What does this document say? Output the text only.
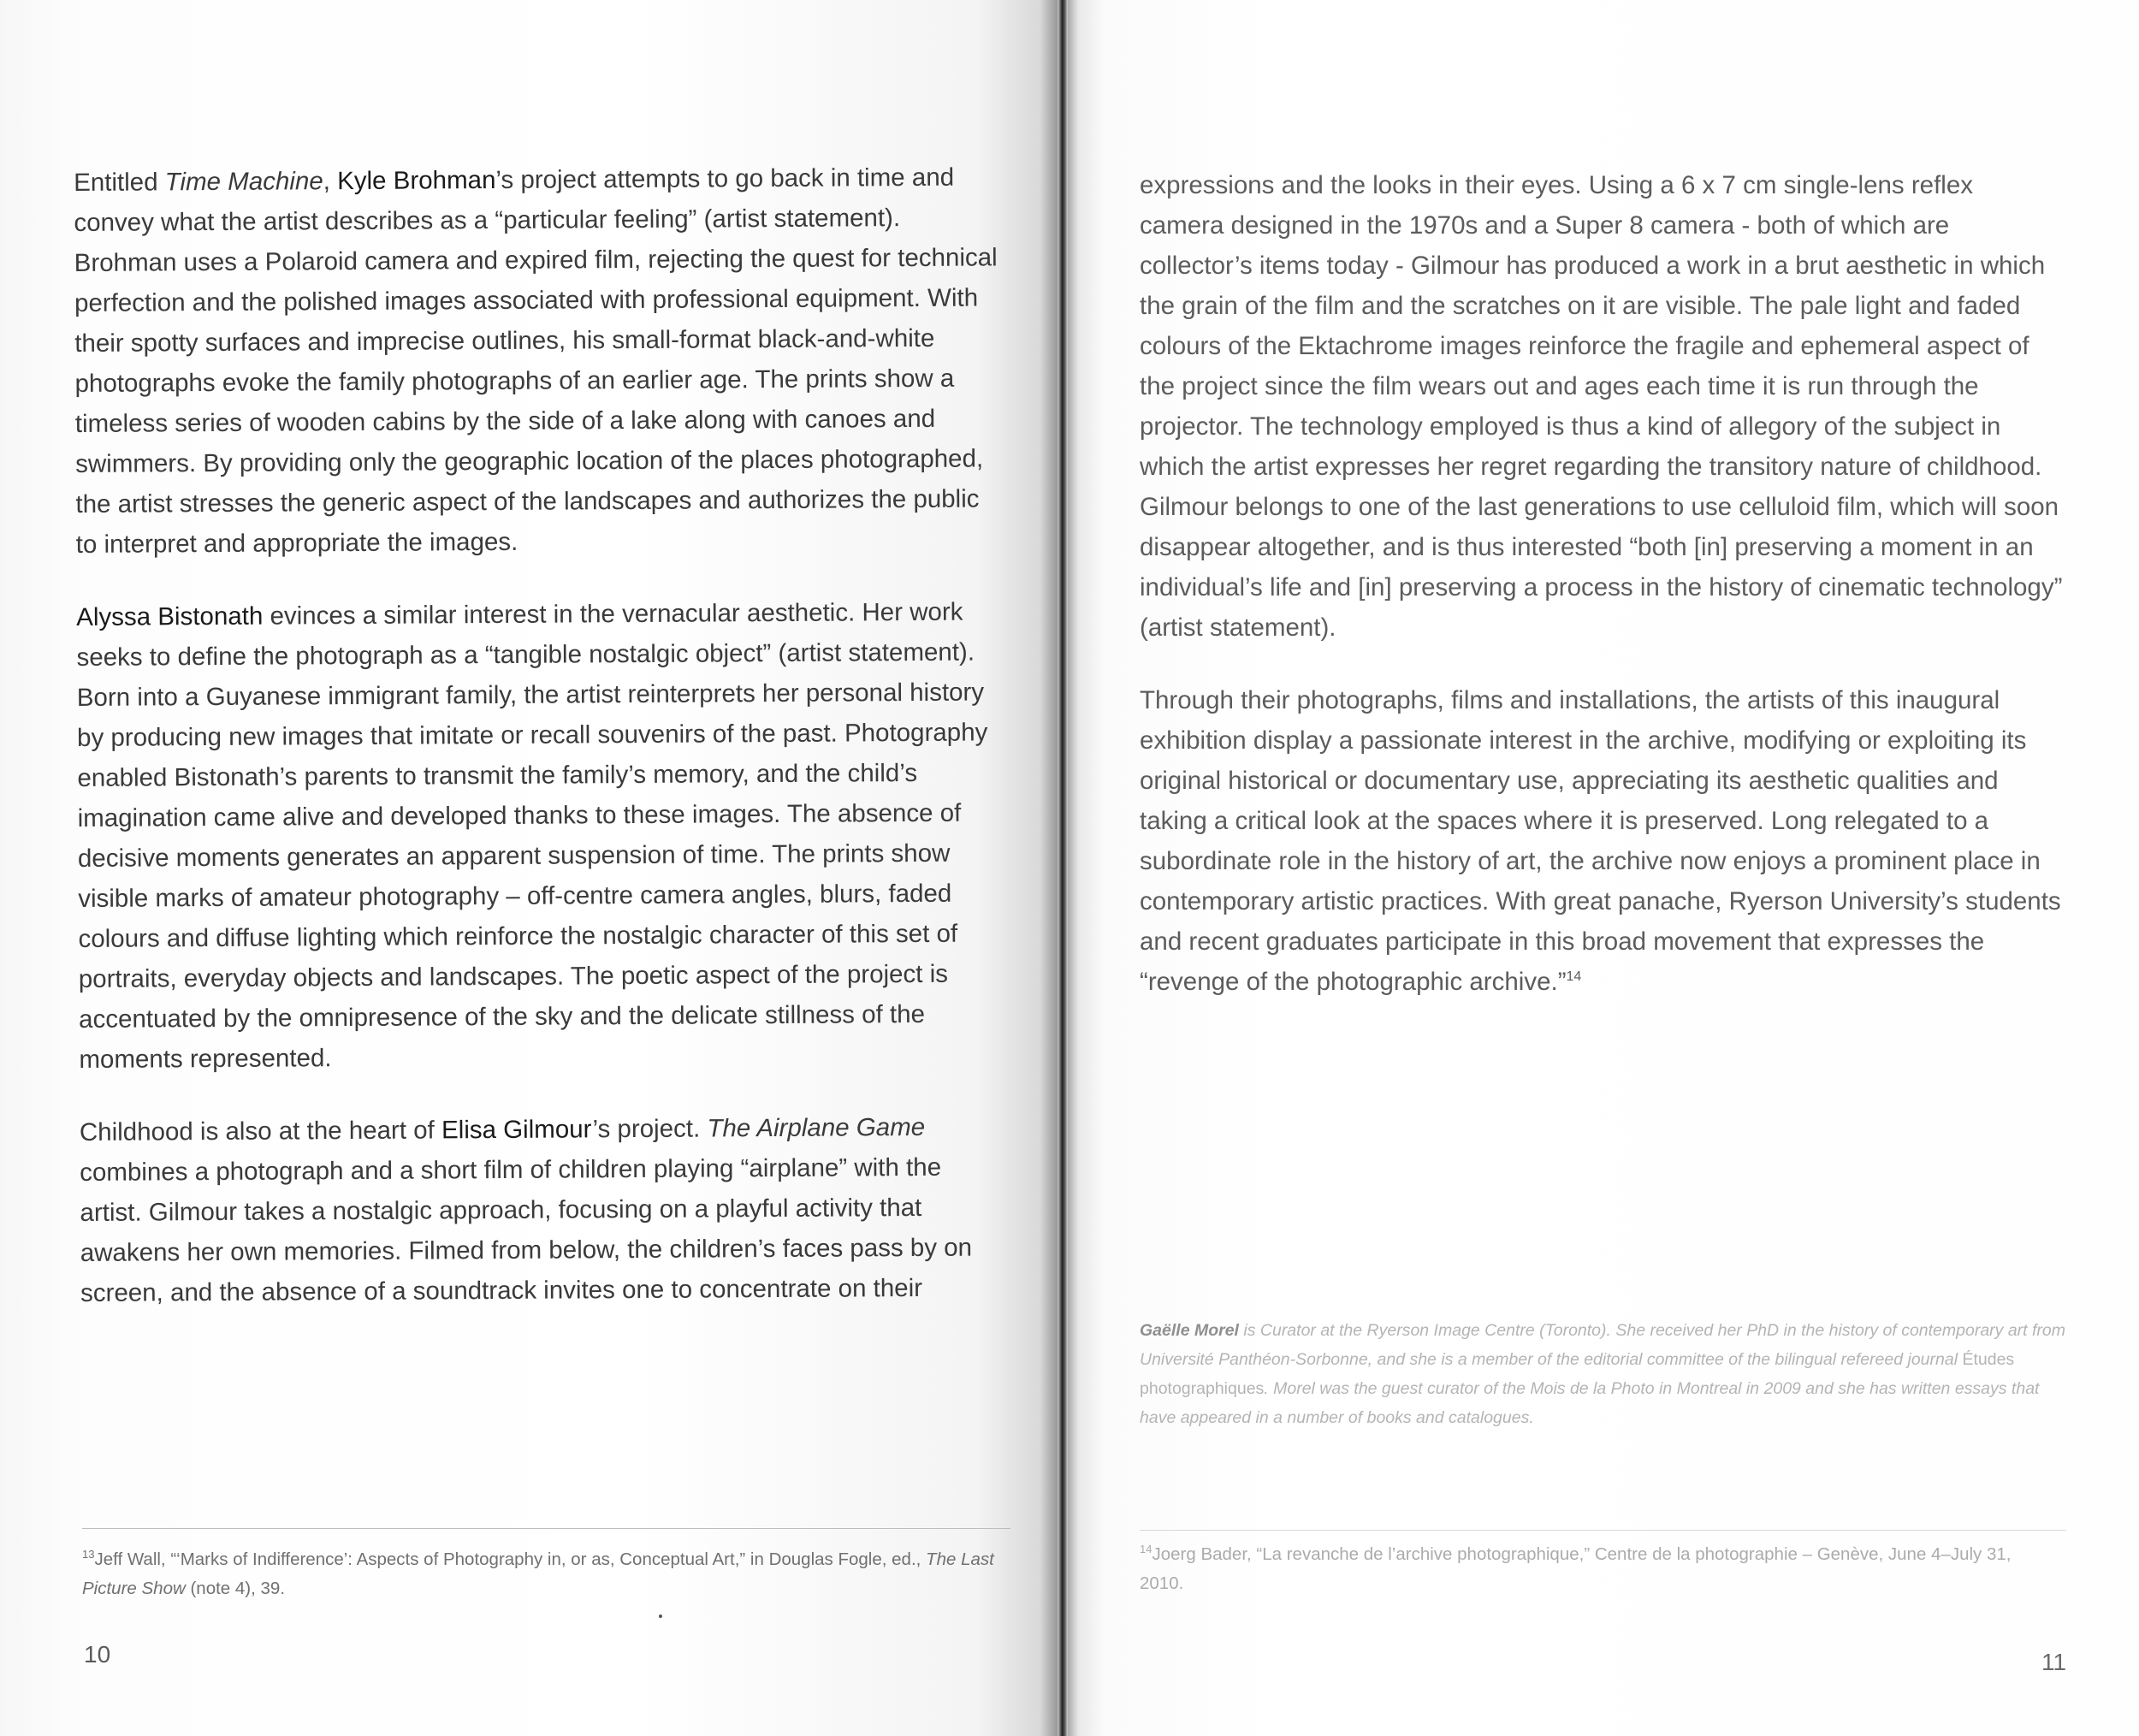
Entitled Time Machine, Kyle Brohman’s project attempts to go back in time and convey what the artist describes as a “particular feeling” (artist statement). Brohman uses a Polaroid camera and expired film, rejecting the quest for technical perfection and the polished images associated with professional equipment. With their spotty surfaces and imprecise outlines, his small-format black-and-white photographs evoke the family photographs of an earlier age. The prints show a timeless series of wooden cabins by the side of a lake along with canoes and swimmers. By providing only the geographic location of the places photographed, the artist stresses the generic aspect of the landscapes and authorizes the public to interpret and appropriate the images.

Alyssa Bistonath evinces a similar interest in the vernacular aesthetic. Her work seeks to define the photograph as a “tangible nostalgic object” (artist statement). Born into a Guyanese immigrant family, the artist reinterprets her personal history by producing new images that imitate or recall souvenirs of the past. Photography enabled Bistonath’s parents to transmit the family’s memory, and the child’s imagination came alive and developed thanks to these images. The absence of decisive moments generates an apparent suspension of time. The prints show visible marks of amateur photography – off-centre camera angles, blurs, faded colours and diffuse lighting which reinforce the nostalgic character of this set of portraits, everyday objects and landscapes. The poetic aspect of the project is accentuated by the omnipresence of the sky and the delicate stillness of the moments represented.

Childhood is also at the heart of Elisa Gilmour’s project. The Airplane Game combines a photograph and a short film of children playing “airplane” with the artist. Gilmour takes a nostalgic approach, focusing on a playful activity that awakens her own memories. Filmed from below, the children’s faces pass by on screen, and the absence of a soundtrack invites one to concentrate on their

$^{13}$Jeff Wall, “‘Marks of Indifference’: Aspects of Photography in, or as, Conceptual Art,” in Douglas Fogle, ed., The Last Picture Show (note 4), 39.
10

expressions and the looks in their eyes. Using a 6 x 7 cm single-lens reflex camera designed in the 1970s and a Super 8 camera - both of which are collector’s items today - Gilmour has produced a work in a brut aesthetic in which the grain of the film and the scratches on it are visible. The pale light and faded colours of the Ektachrome images reinforce the fragile and ephemeral aspect of the project since the film wears out and ages each time it is run through the projector. The technology employed is thus a kind of allegory of the subject in which the artist expresses her regret regarding the transitory nature of childhood. Gilmour belongs to one of the last generations to use celluloid film, which will soon disappear altogether, and is thus interested “both [in] preserving a moment in an individual’s life and [in] preserving a process in the history of cinematic technology” (artist statement).

Through their photographs, films and installations, the artists of this inaugural exhibition display a passionate interest in the archive, modifying or exploiting its original historical or documentary use, appreciating its aesthetic qualities and taking a critical look at the spaces where it is preserved. Long relegated to a subordinate role in the history of art, the archive now enjoys a prominent place in contemporary artistic practices. With great panache, Ryerson University’s students and recent graduates participate in this broad movement that expresses the “revenge of the photographic archive.”$^{14}$

Gaëlle Morel is Curator at the Ryerson Image Centre (Toronto). She received her PhD in the history of contemporary art from Université Panthéon-Sorbonne, and she is a member of the editorial committee of the bilingual refereed journal Études photographiques. Morel was the guest curator of the Mois de la Photo in Montreal in 2009 and she has written essays that have appeared in a number of books and catalogues.
$^{14}$Joerg Bader, “La revanche de l’archive photographique,” Centre de la photographie – Genève, June 4–July 31, 2010.
11
